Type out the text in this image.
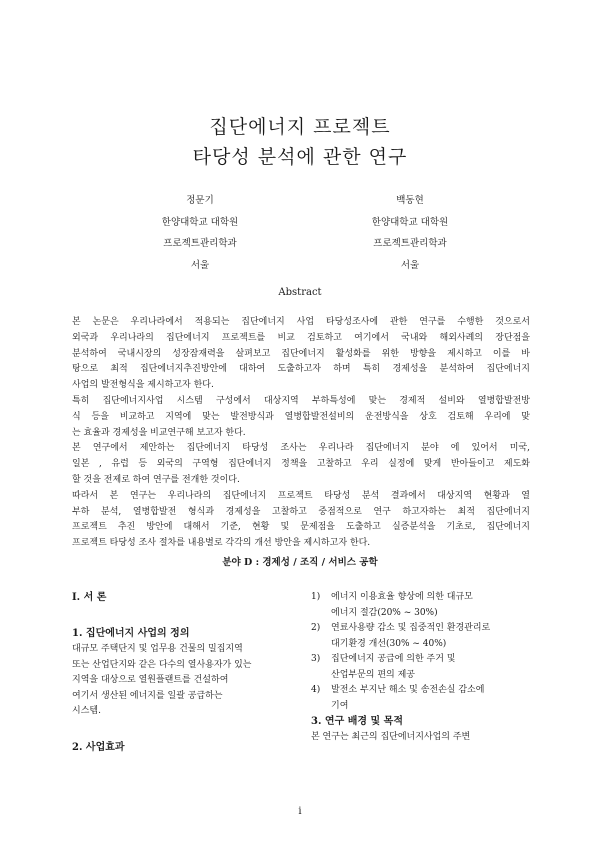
집단에너지 프로젝트
타당성 분석에 관한 연구
정문기
한양대학교 대학원
프로젝트관리학과
서울
백동현
한양대학교 대학원
프로젝트관리학과
서울
Abstract
본 논문은 우리나라에서 적용되는 집단에너지 사업 타당성조사에 관한 연구를 수행한 것으로서
외국과 우리나라의 집단에너지 프로젝트를 비교 검토하고 여기에서 국내와 해외사례의 장단점을
분석하여 국내시장의 성장잠재력을 살펴보고 집단에너지 활성화를 위한 방향을 제시하고 이를 바
탕으로 최적 집단에너지추진방안에 대하여 도출하고자 하며 특히 경제성을 분석하여 집단에너지
사업의 발전형식을 제시하고자 한다.
특히 집단에너지사업 시스템 구성에서 대상지역 부하특성에 맞는 경제적 설비와 열병합발전방
식 등을 비교하고 지역에 맞는 발전방식과 열병합발전설비의 운전방식을 상호 검토해 우리에 맞
는 효율과 경제성을 비교연구해 보고자 한다.
본 연구에서 제안하는 집단에너지 타당성 조사는 우리나라 집단에너지 분야 에 있어서 미국,
일본 , 유럽 등 외국의 구역형 집단에너지 정책을 고찰하고 우리 실정에 맞게 반아들이고 제도화
할 것을 전제로 하여 연구를 전개한 것이다.
따라서 본 연구는 우리나라의 집단에너지 프로젝트 타당성 분석 결과에서 대상지역 현황과 열
부하 분석, 열병합발전 형식과 경제성을 고찰하고 중점적으로 연구 하고자하는 최적 집단에너지
프로젝트 추진 방안에 대해서 기준, 현황 및 문제점을 도출하고 실증분석을 기초로, 집단에너지
프로젝트 타당성 조사 절차를 내용별로 각각의 개선 방안을 제시하고자 한다.
분야 D : 경제성 / 조직 / 서비스 공학
I. 서 론
1. 집단에너지 사업의 정의
대규모 주택단지 및 업무용 건물의 밀집지역
또는 산업단지와 같은 다수의 열사용자가 있는
지역을 대상으로 열원플랜트를 건설하여
여기서 생산된 에너지를 일괄 공급하는
시스템.
2. 사업효과
1)	에너지 이용효율 향상에 의한 대규모
에너지 절감(20% ~ 30%)
2)	연료사용량 감소 및 집중적인 환경관리로
대기환경 개선(30% ~ 40%)
3)	집단에너지 공급에 의한 주거 및
산업부문의 편의 제공
4)	발전소 부지난 해소 및 송전손실 감소에
기여
3. 연구 배경 및 목적
본 연구는 최근의 집단에너지사업의 주변
i
